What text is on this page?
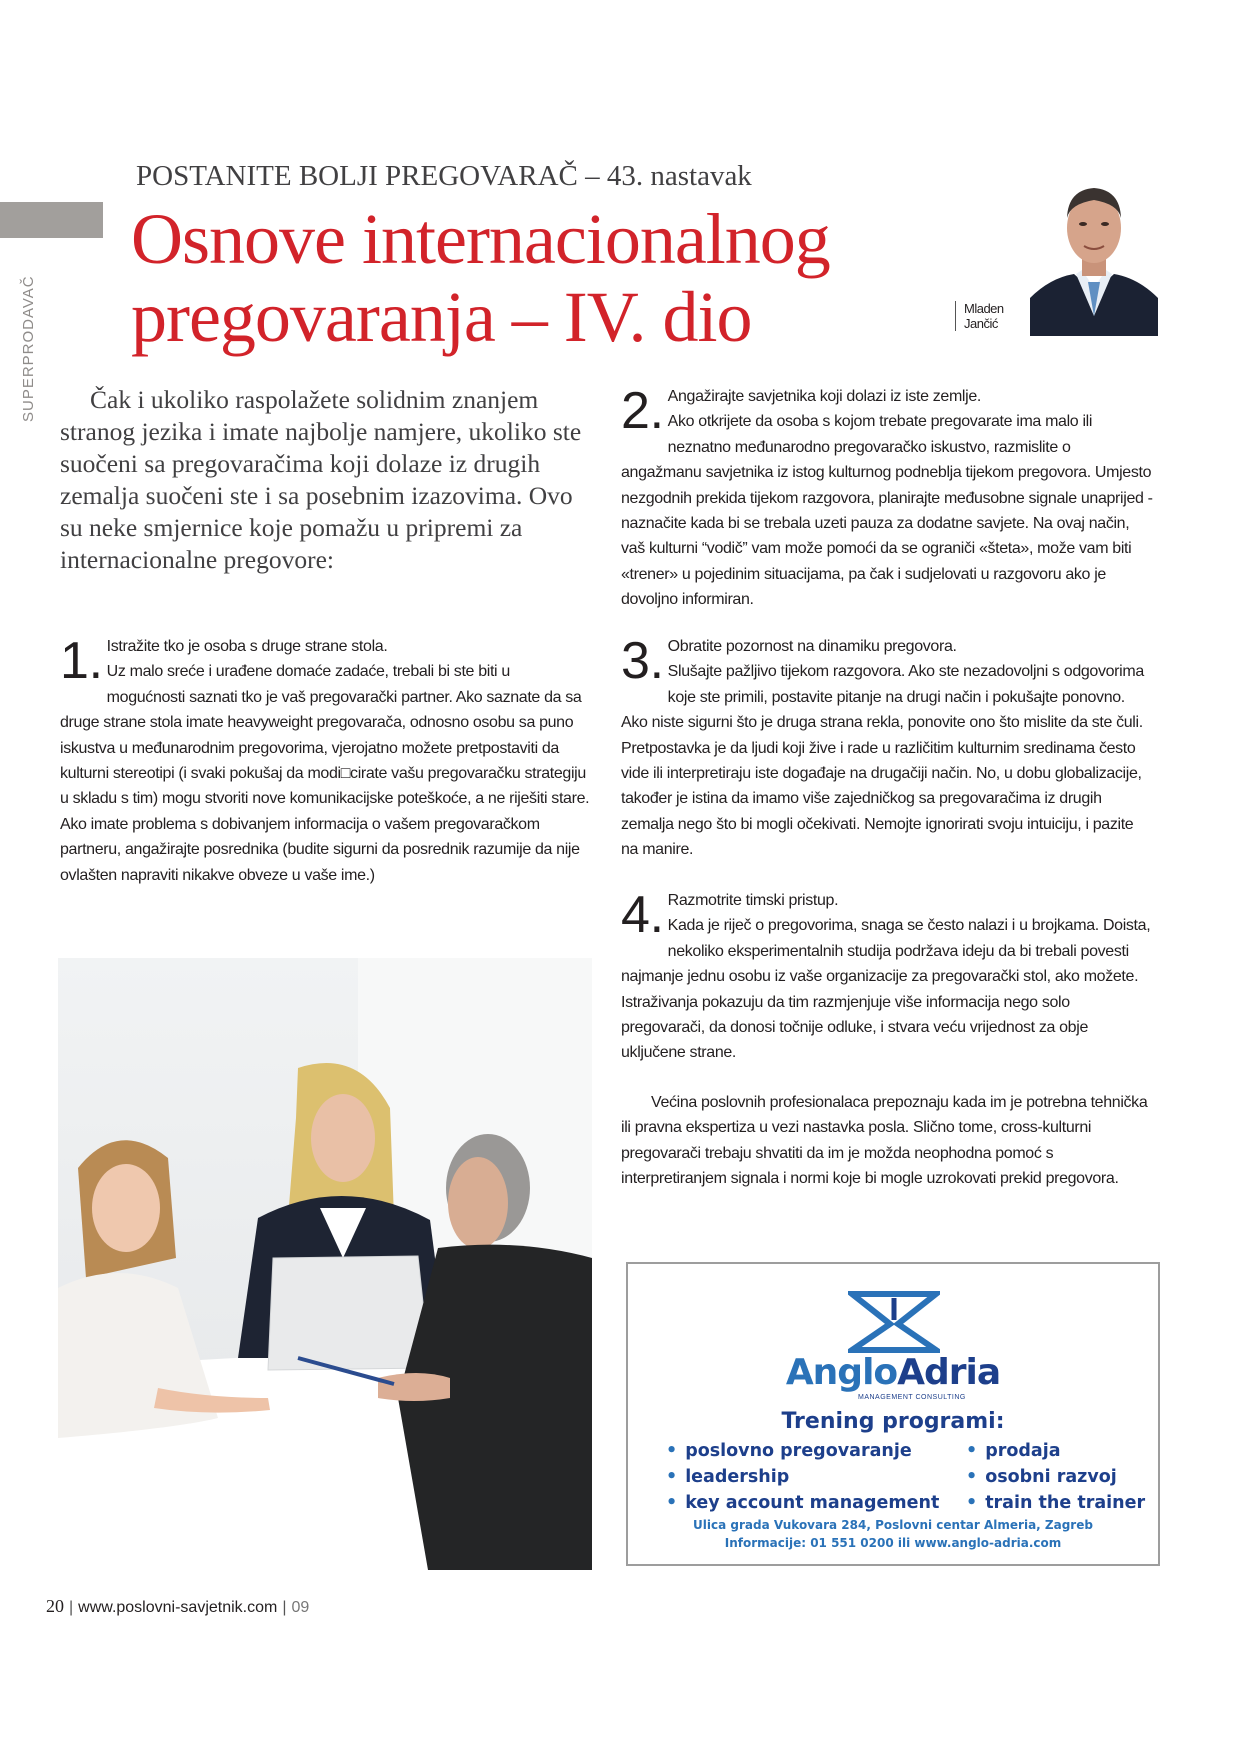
SUPERPRODAVAČ
POSTANITE BOLJI PREGOVARAČ – 43. nastavak
Osnove internacionalnog
pregovaranja – IV. dio	Mladen
Jančić

Čak i ukoliko raspolažete solidnim znanjem stranog jezika i imate najbolje namjere, ukoliko ste suočeni sa pregovaračima koji dolaze iz drugih zemalja suočeni ste i sa posebnim izazovima. Ovo su neke smjernice koje pomažu u pripremi za internacionalne pregovore:

1. Istražite tko je osoba s druge strane stola.
Uz malo sreće i urađene domaće zadaće, trebali bi ste biti u mogućnosti saznati tko je vaš pregovarački partner. Ako saznate da sa druge strane stola imate heavyweight pregovarača, odnosno osobu sa puno iskustva u međunarodnim pregovorima, vjerojatno možete pretpostaviti da kulturni stereotipi (i svaki pokušaj da modi□cirate vašu pregovaračku strategiju u skladu s tim) mogu stvoriti nove komunikacijske poteškoće, a ne riješiti stare. Ako imate problema s dobivanjem informacija o vašem pregovaračkom partneru, angažirajte posrednika (budite sigurni da posrednik razumije da nije ovlašten napraviti nikakve obveze u vaše ime.)
2. Angažirajte savjetnika koji dolazi iz iste zemlje.
Ako otkrijete da osoba s kojom trebate pregovarate ima malo ili neznatno međunarodno pregovaračko iskustvo, razmislite o angažmanu savjetnika iz istog kulturnog podneblja tijekom pregovora. Umjesto nezgodnih prekida tijekom razgovora, planirajte međusobne signale unaprijed - naznačite kada bi se trebala uzeti pauza za dodatne savjete. Na ovaj način, vaš kulturni “vodič” vam može pomoći da se ograniči «šteta», može vam biti «trener» u pojedinim situacijama, pa čak i sudjelovati u razgovoru ako je dovoljno informiran.
3. Obratite pozornost na dinamiku pregovora.
Slušajte pažljivo tijekom razgovora. Ako ste nezadovoljni s odgovorima koje ste primili, postavite pitanje na drugi način i pokušajte ponovno. Ako niste sigurni što je druga strana rekla, ponovite ono što mislite da ste čuli. Pretpostavka je da ljudi koji žive i rade u različitim kulturnim sredinama često vide ili interpretiraju iste događaje na drugačiji način. No, u dobu globalizacije, također je istina da imamo više zajedničkog sa pregovaračima iz drugih zemalja nego što bi mogli očekivati. Nemojte ignorirati svoju intuiciju, i pazite na manire.
4. Razmotrite timski pristup.
Kada je riječ o pregovorima, snaga se često nalazi i u brojkama. Doista, nekoliko eksperimentalnih studija podržava ideju da bi trebali povesti najmanje jednu osobu iz vaše organizacije za pregovarački stol, ako možete. Istraživanja pokazuju da tim razmjenjuje više informacija nego solo pregovarači, da donosi točnije odluke, i stvara veću vrijednost za obje uključene strane.

Većina poslovnih profesionalaca prepoznaju kada im je potrebna tehnička ili pravna ekspertiza u vezi nastavka posla. Slično tome, cross-kulturni pregovarači trebaju shvatiti da im je možda neophodna pomoć s interpretiranjem signala i normi koje bi mogle uzrokovati prekid pregovora.

AngloAdria
MANAGEMENT CONSULTING
Trening programi:
• poslovno pregovaranje
• leadership
• key account management
• prodaja
• osobni razvoj
• train the trainer
Ulica grada Vukovara 284, Poslovni centar Almeria, Zagreb
Informacije: 01 551 0200 ili www.anglo-adria.com
20 | www.poslovni-savjetnik.com | 09
